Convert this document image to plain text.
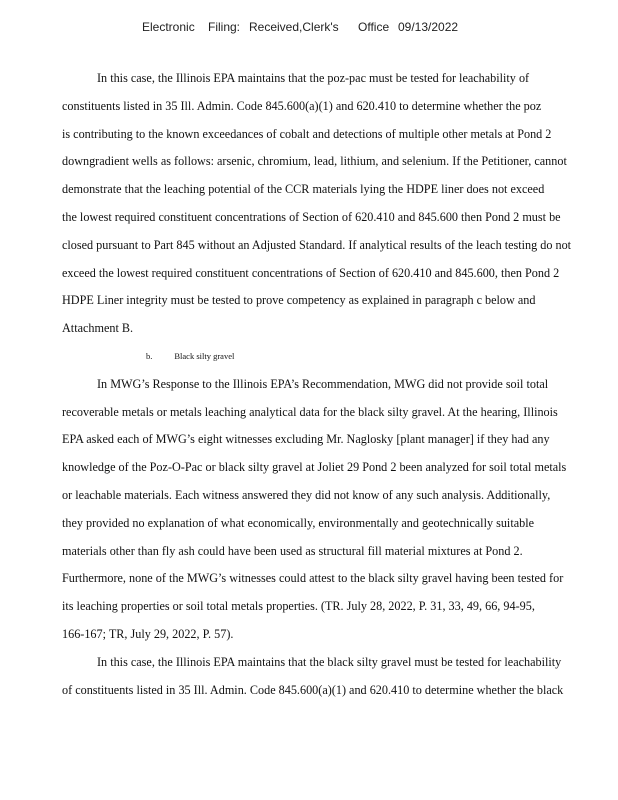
Electronic Filing: Received,Clerk's Office 09/13/2022
In this case, the Illinois EPA maintains that the poz-pac must be tested for leachability of
constituents listed in 35 Ill. Admin. Code 845.600(a)(1) and 620.410 to determine whether the poz
is contributing to the known exceedances of cobalt and detections of multiple other metals at Pond 2
downgradient wells as follows: arsenic, chromium, lead, lithium, and selenium. If the Petitioner, cannot
demonstrate that the leaching potential of the CCR materials lying the HDPE liner does not exceed
the lowest required constituent concentrations of Section of 620.410 and 845.600 then Pond 2 must be
closed pursuant to Part 845 without an Adjusted Standard. If analytical results of the leach testing do not
exceed the lowest required constituent concentrations of Section of 620.410 and 845.600, then Pond 2
HDPE Liner integrity must be tested to prove competency as explained in paragraph c below and
Attachment B.
b.	Black silty gravel
In MWG’s Response to the Illinois EPA’s Recommendation, MWG did not provide soil total
recoverable metals or metals leaching analytical data for the black silty gravel. At the hearing, Illinois
EPA asked each of MWG’s eight witnesses excluding Mr. Naglosky [plant manager] if they had any
knowledge of the Poz-O-Pac or black silty gravel at Joliet 29 Pond 2 been analyzed for soil total metals
or leachable materials. Each witness answered they did not know of any such analysis. Additionally,
they provided no explanation of what economically, environmentally and geotechnically suitable
materials other than fly ash could have been used as structural fill material mixtures at Pond 2.
Furthermore, none of the MWG’s witnesses could attest to the black silty gravel having been tested for
its leaching properties or soil total metals properties. (TR. July 28, 2022, P. 31, 33, 49, 66, 94-95,
166-167; TR, July 29, 2022, P. 57).
In this case, the Illinois EPA maintains that the black silty gravel must be tested for leachability
of constituents listed in 35 Ill. Admin. Code 845.600(a)(1) and 620.410 to determine whether the black
